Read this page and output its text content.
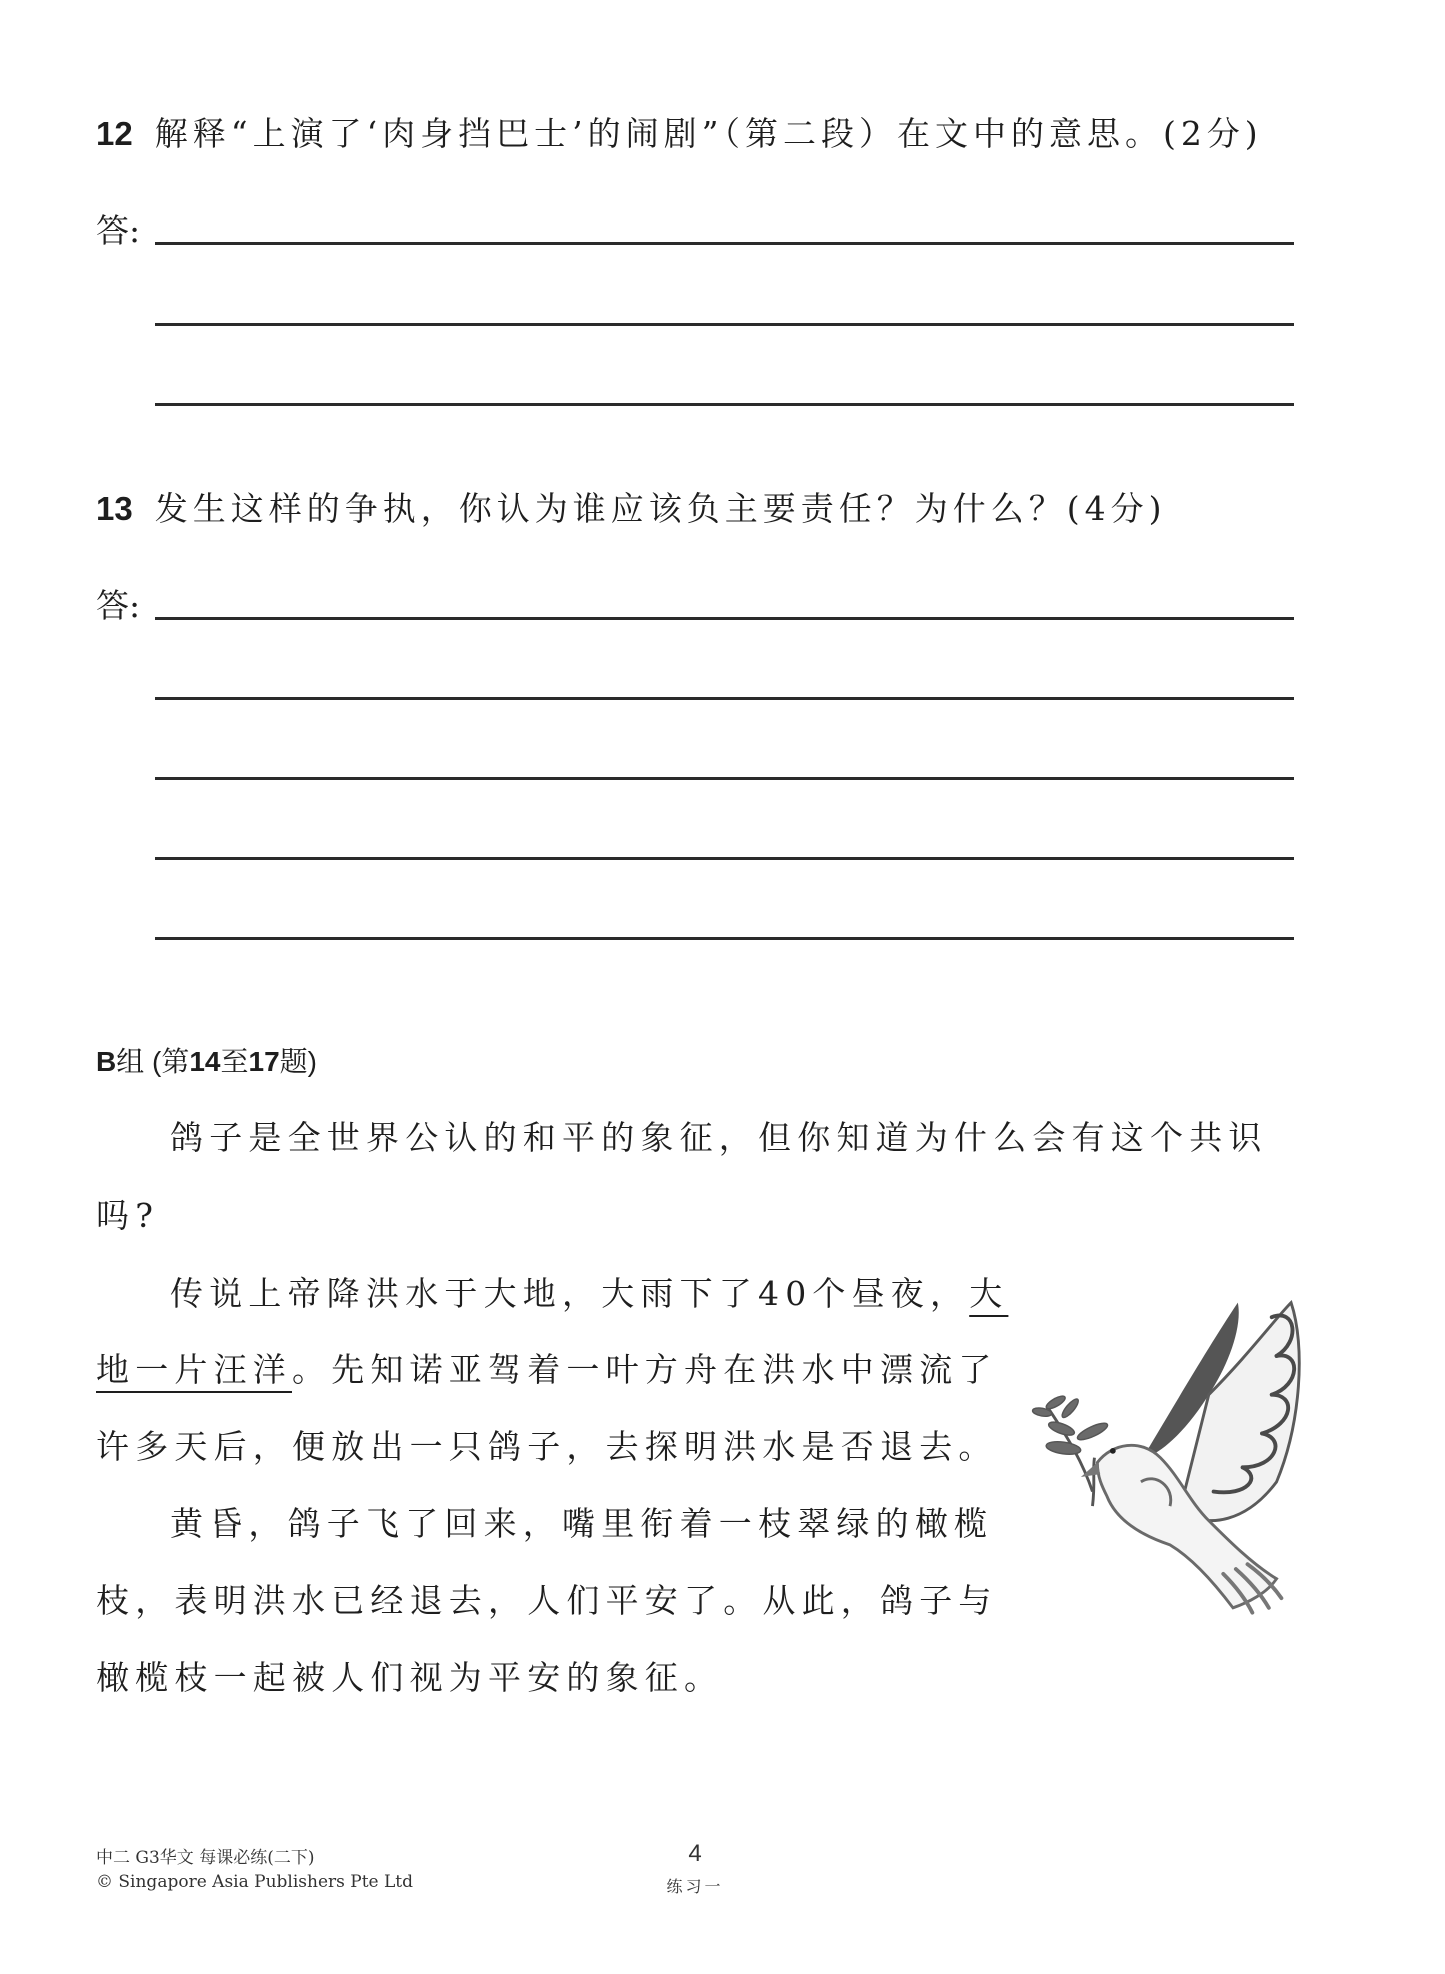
12 解释“上演了‘肉身挡巴士’的闹剧”（第二段）在文中的意思。(2分)
答:
13 发生这样的争执，你认为谁应该负主要责任？为什么？(4分)
答:
B组 (第14至17题)
鸽子是全世界公认的和平的象征，但你知道为什么会有这个共识
吗?
传说上帝降洪水于大地，大雨下了40个昼夜，大
地一片汪洋。先知诺亚驾着一叶方舟在洪水中漂流了
许多天后，便放出一只鸽子，去探明洪水是否退去。
黄昏，鸽子飞了回来，嘴里衔着一枝翠绿的橄榄
枝，表明洪水已经退去，人们平安了。从此，鸽子与
橄榄枝一起被人们视为平安的象征。
中二 G3华文 每课必练(二下)
© Singapore Asia Publishers Pte Ltd
4
练习一
